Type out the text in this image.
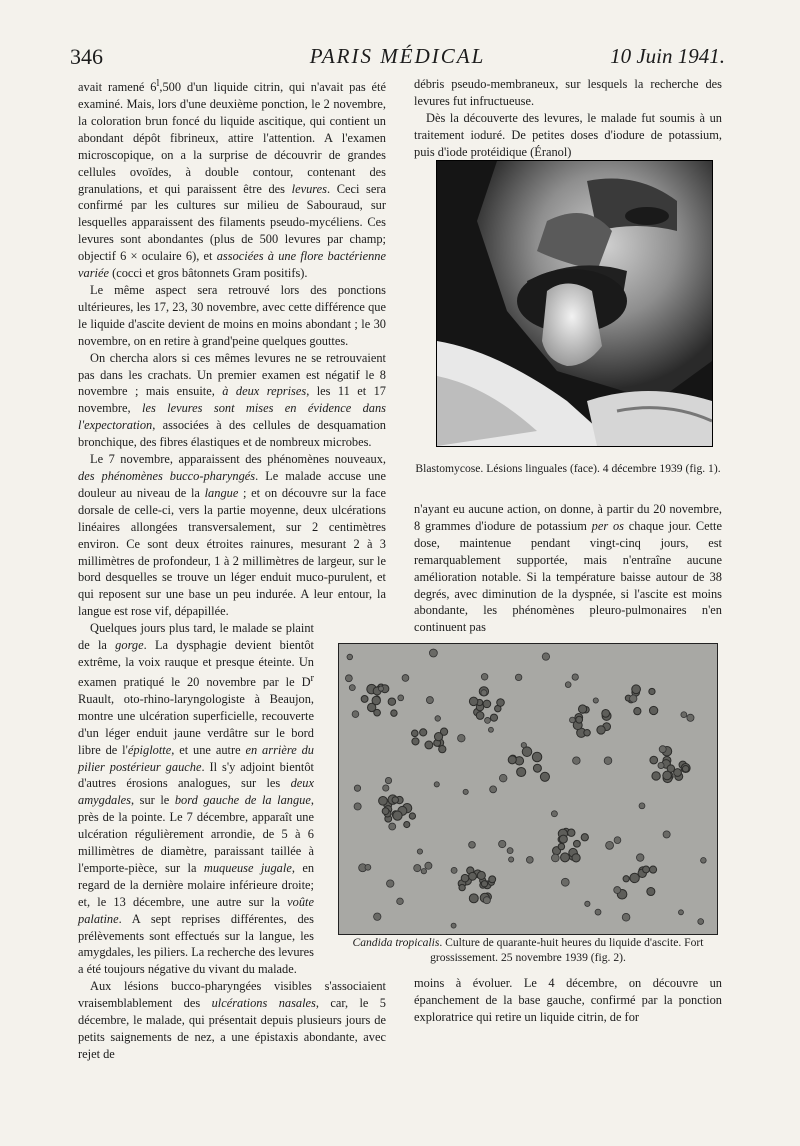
346	PARIS MÉDICAL	10 Juin 1941.

avait ramené 6$^l$,500 d'un liquide citrin, qui n'avait pas été examiné. Mais, lors d'une deuxième ponction, le 2 novembre, la coloration brun foncé du liquide ascitique, qui contient un abondant dépôt fibrineux, attire l'attention. A l'examen microscopique, on a la surprise de découvrir de grandes cellules ovoïdes, à double contour, contenant des granulations, et qui paraissent être des levures. Ceci sera confirmé par les cultures sur milieu de Sabouraud, sur lesquelles apparaissent des filaments pseudo-mycéliens. Ces levures sont abondantes (plus de 500 levures par champ; objectif 6 × oculaire 6), et associées à une flore bactérienne variée (cocci et gros bâtonnets Gram positifs).

Le même aspect sera retrouvé lors des ponctions ultérieures, les 17, 23, 30 novembre, avec cette différence que le liquide d'ascite devient de moins en moins abondant ; le 30 novembre, on en retire à grand'peine quelques gouttes.

On chercha alors si ces mêmes levures ne se retrouvaient pas dans les crachats. Un premier examen est négatif le 8 novembre ; mais ensuite, à deux reprises, les 11 et 17 novembre, les levures sont mises en évidence dans l'expectoration, associées à des cellules de desquamation bronchique, des fibres élastiques et de nombreux microbes.

Le 7 novembre, apparaissent des phénomènes nouveaux, des phénomènes bucco-pharyngés. Le malade accuse une douleur au niveau de la langue ; et on découvre sur la face dorsale de celle-ci, vers la partie moyenne, deux ulcérations linéaires allongées transversalement, sur 2 centimètres environ. Ce sont deux étroites rainures, mesurant 2 à 3 millimètres de profondeur, 1 à 2 millimètres de largeur, sur le bord desquelles se trouve un léger enduit muco-purulent, et qui reposent sur une base un peu indurée. A leur entour, la langue est rose vif, dépapillée.

Quelques jours plus tard, le malade se plaint de la gorge. La dysphagie devient bientôt extrême, la voix rauque et presque éteinte. Un examen pratiqué le 20 novembre par le $D^r$ Ruault, oto-rhino-laryngologiste à Beaujon, montre une ulcération superficielle, recouverte d'un léger enduit jaune verdâtre sur le bord libre de l'épiglotte, et une autre en arrière du pilier postérieur gauche. Il s'y adjoint bientôt d'autres érosions analogues, sur les deux amygdales, sur le bord gauche de la langue, près de la pointe. Le 7 décembre, apparaît une ulcération régulièrement arrondie, de 5 à 6 millimètres de diamètre, paraissant taillée à l'emporte-pièce, sur la muqueuse jugale, en regard de la dernière molaire inférieure droite; et, le 13 décembre, une autre sur la voûte palatine. A sept reprises différentes, des prélèvements sont effectués sur la langue, les amygdales, les piliers. La recherche des levures a été toujours négative du vivant du malade.

Aux lésions bucco-pharyngées visibles s'associaient vraisemblablement des ulcérations nasales, car, le 5 décembre, le malade, qui présentait depuis plusieurs jours de petits saignements de nez, a une épistaxis abondante, avec rejet de

débris pseudo-membraneux, sur lesquels la recherche des levures fut infructueuse.

Dès la découverte des levures, le malade fut soumis à un traitement ioduré. De petites doses d'iodure de potassium, puis d'iode protéidique (Éranol)

Blastomycose. Lésions linguales (face). 4 décembre 1939 (fig. 1).

n'ayant eu aucune action, on donne, à partir du 20 novembre, 8 grammes d'iodure de potassium per os chaque jour. Cette dose, maintenue pendant vingt-cinq jours, est remarquablement supportée, mais n'entraîne aucune amélioration notable. Si la température baisse autour de 38 degrés, avec diminution de la dyspnée, si l'ascite est moins abondante, les phénomènes pleuro-pulmonaires n'en continuent pas

Candida tropicalis. Culture de quarante-huit heures du liquide d'ascite. Fort grossissement. 25 novembre 1939 (fig. 2).

moins à évoluer. Le 4 décembre, on découvre un épanchement de la base gauche, confirmé par la ponction exploratrice qui retire un liquide citrin, de for
